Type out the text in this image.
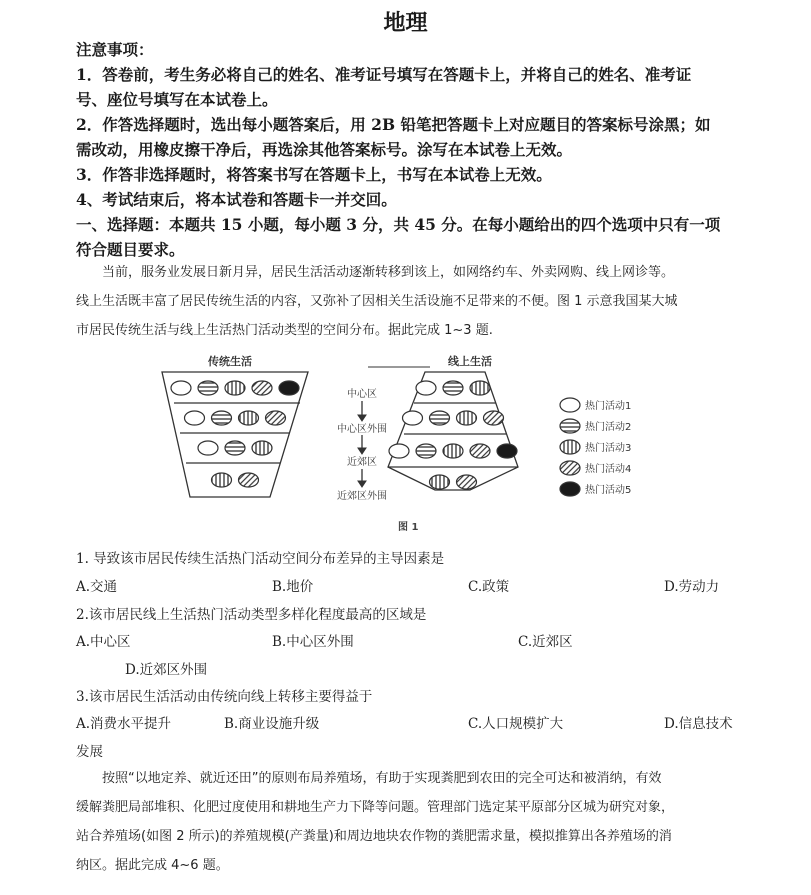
地理
注意事项：
1．答卷前，考生务必将自己的姓名、准考证号填写在答题卡上，并将自己的姓名、准考证
号、座位号填写在本试卷上。
2．作答选择题时，选出每小题答案后，用 2B 铅笔把答题卡上对应题目的答案标号涂黑；如
需改动，用橡皮擦干净后，再选涂其他答案标号。涂写在本试卷上无效。
3．作答非选择题时，将答案书写在答题卡上，书写在本试卷上无效。
4、考试结束后，将本试卷和答题卡一并交回。
一、选择题：本题共 15 小题，每小题 3 分，共 45 分。在每小题给出的四个选项中只有一项
符合题目要求。
当前，服务业发展日新月异，居民生活活动逐渐转移到该上，如网络约车、外卖网购、线上网诊等。
线上生活既丰富了居民传统生活的内容，又弥补了因相关生活设施不足带来的不便。图 1 示意我国某大城
市居民传统生活与线上生活热门活动类型的空间分布。据此完成 1~3 题.
传统生活	线上生活
中心区
中心区外围
近郊区
近郊区外围
热门活动1
热门活动2
热门活动3
热门活动4
热门活动5
图 1
1. 导致该市居民传续生活热门活动空间分布差异的主导因素是
A.交通	B.地价	C.政策	D.劳动力
2.该市居民线上生活热门活动类型多样化程度最高的区域是
A.中心区	B.中心区外围	C.近郊区
D.近郊区外围
3.该市居民生活活动由传统向线上转移主要得益于
A.消费水平提升	B.商业设施升级	C.人口规模扩大	D.信息技术
发展
按照“以地定养、就近还田”的原则布局养殖场，有助于实现粪肥到农田的完全可达和被消纳，有效
缓解粪肥局部堆积、化肥过度使用和耕地生产力下降等问题。管理部门选定某平原部分区城为研究对象，
站合养殖场(如图 2 所示)的养殖规模(产粪量)和周边地块农作物的粪肥需求量，模拟推算出各养殖场的消
纳区。据此完成 4~6 题。
